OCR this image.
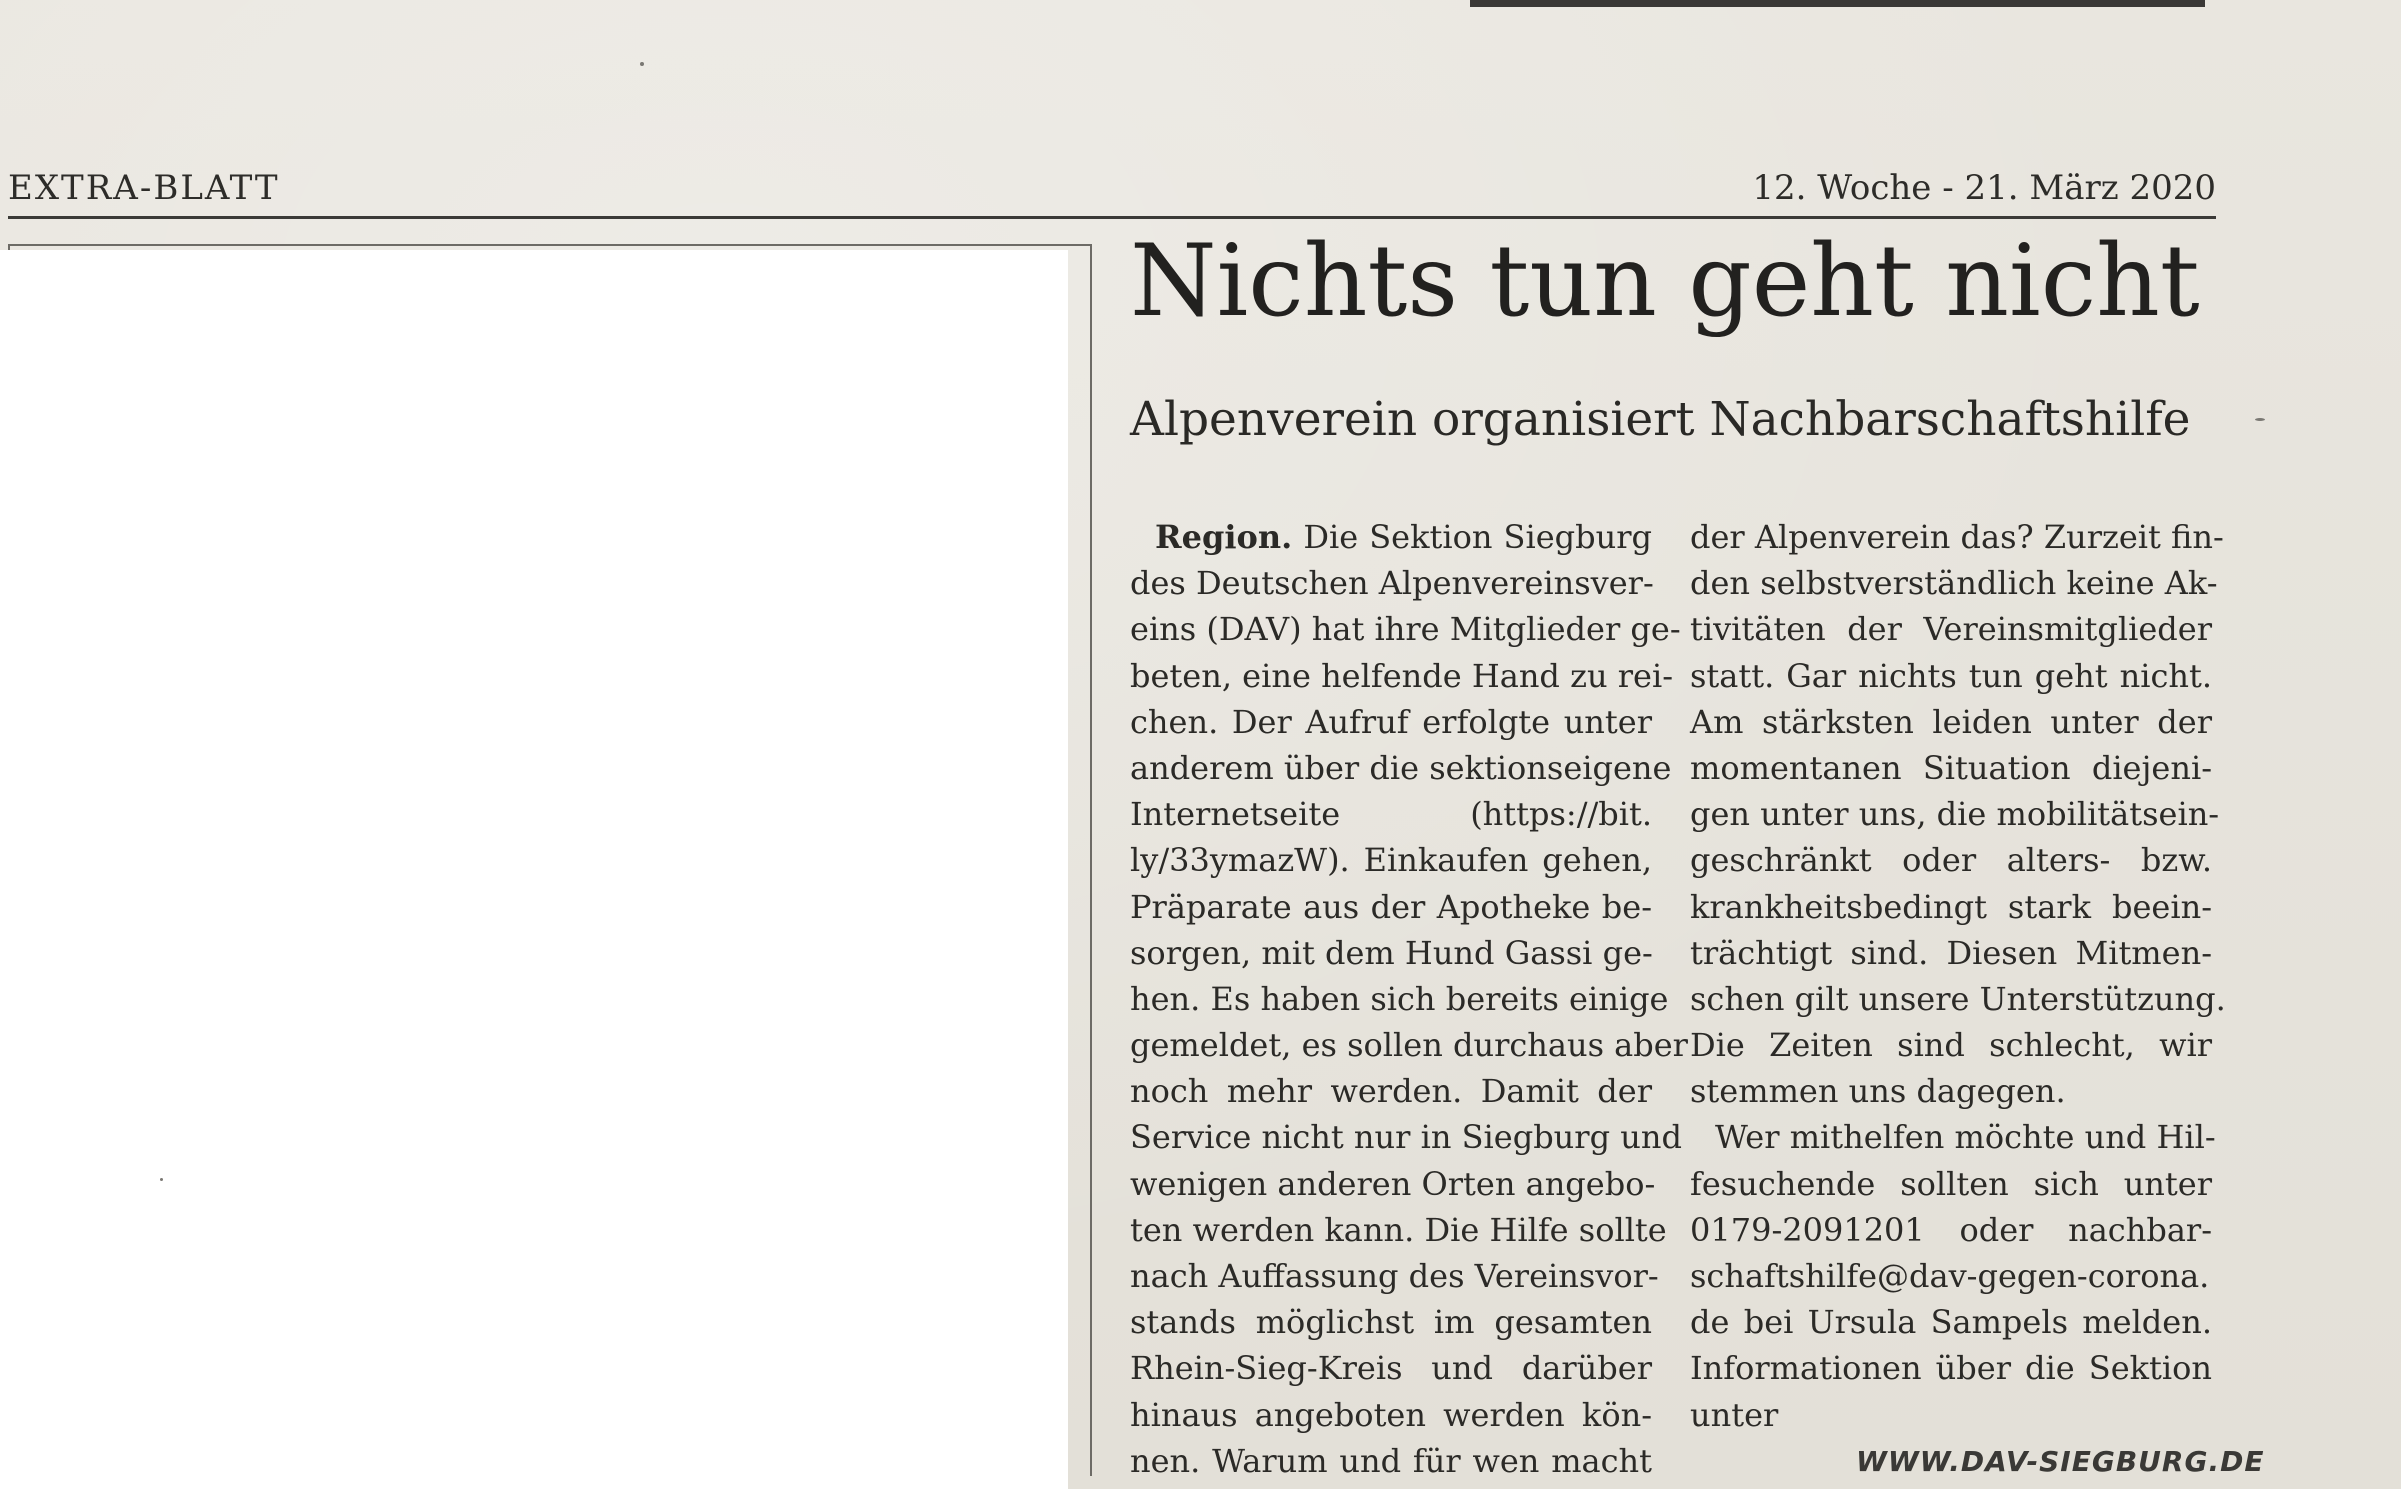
EXTRA-BLATT	12. Woche - 21. März 2020
Nichts tun geht nicht
Alpenverein organisiert Nachbarschaftshilfe
Region. Die Sektion Siegburg
des Deutschen Alpenvereinsver-
eins (DAV) hat ihre Mitglieder ge-
beten, eine helfende Hand zu rei-
chen. Der Aufruf erfolgte unter
anderem über die sektionseigene
Internetseite (https://bit.
ly/33ymazW). Einkaufen gehen,
Präparate aus der Apotheke be-
sorgen, mit dem Hund Gassi ge-
hen. Es haben sich bereits einige
gemeldet, es sollen durchaus aber
noch mehr werden. Damit der
Service nicht nur in Siegburg und
wenigen anderen Orten angebo-
ten werden kann. Die Hilfe sollte
nach Auffassung des Vereinsvor-
stands möglichst im gesamten
Rhein-Sieg-Kreis und darüber
hinaus angeboten werden kön-
nen. Warum und für wen macht
der Alpenverein das? Zurzeit fin-
den selbstverständlich keine Ak-
tivitäten der Vereinsmitglieder
statt. Gar nichts tun geht nicht.
Am stärksten leiden unter der
momentanen Situation diejeni-
gen unter uns, die mobilitätsein-
geschränkt oder alters- bzw.
krankheitsbedingt stark beein-
trächtigt sind. Diesen Mitmen-
schen gilt unsere Unterstützung.
Die Zeiten sind schlecht, wir
stemmen uns dagegen.
Wer mithelfen möchte und Hil-
fesuchende sollten sich unter
0179-2091201 oder nachbar-
schaftshilfe@dav-gegen-corona.
de bei Ursula Sampels melden.
Informationen über die Sektion
unter
WWW.DAV-SIEGBURG.DE
